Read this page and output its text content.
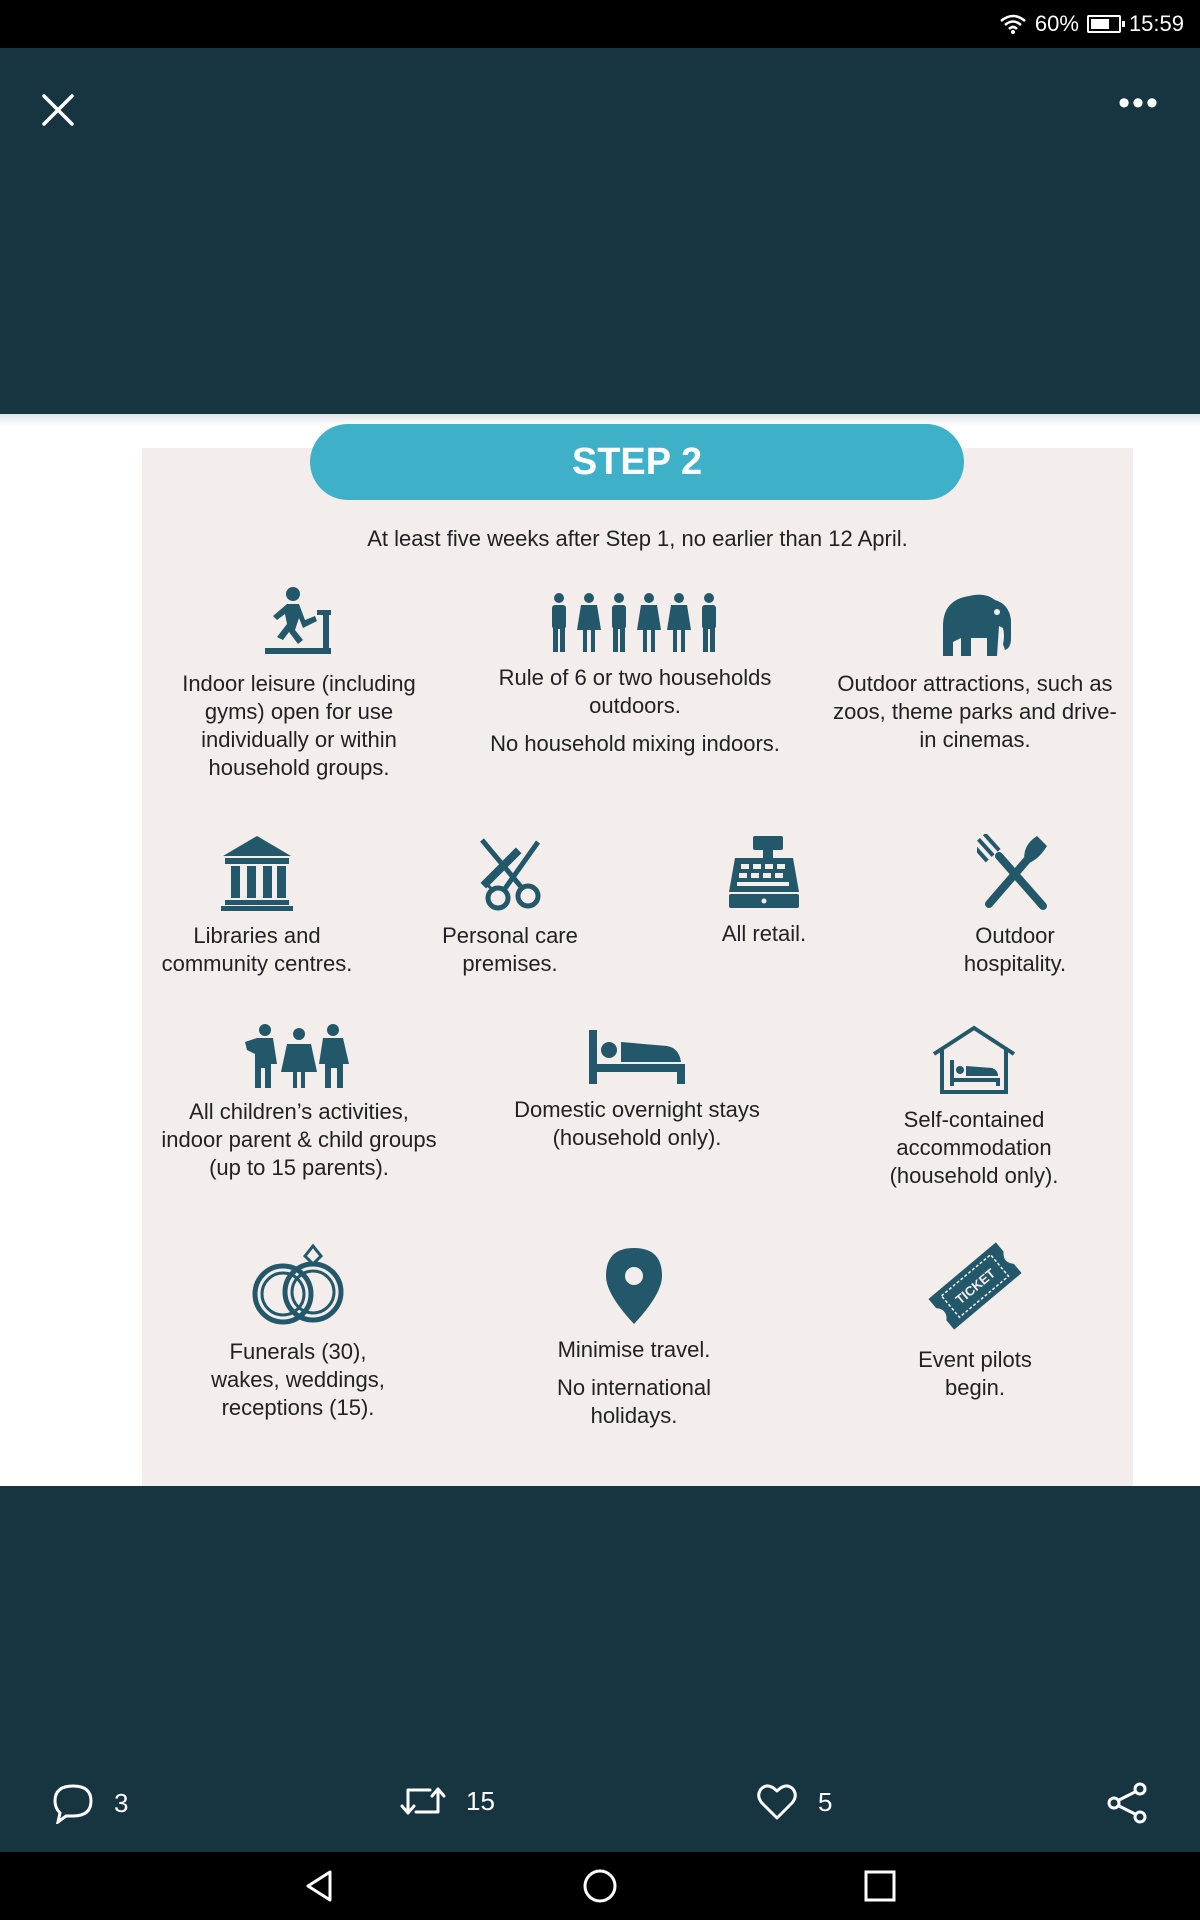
60% 15:59
•••
STEP 2
At least five weeks after Step 1, no earlier than 12 April.

Indoor leisure (including gyms) open for use individually or within household groups.

Rule of 6 or two households outdoors.

No household mixing indoors.

Outdoor attractions, such as zoos, theme parks and drive-in cinemas.

Libraries and community centres.

Personal care premises.

All retail.	Outdoor hospitality.

All children’s activities, indoor parent & child groups (up to 15 parents).

Domestic overnight stays (household only).

Self-contained accommodation (household only).

Funerals (30), wakes, weddings, receptions (15).

Minimise travel.

No international holidays.

TICKET

Event pilots begin.

3	15	5
